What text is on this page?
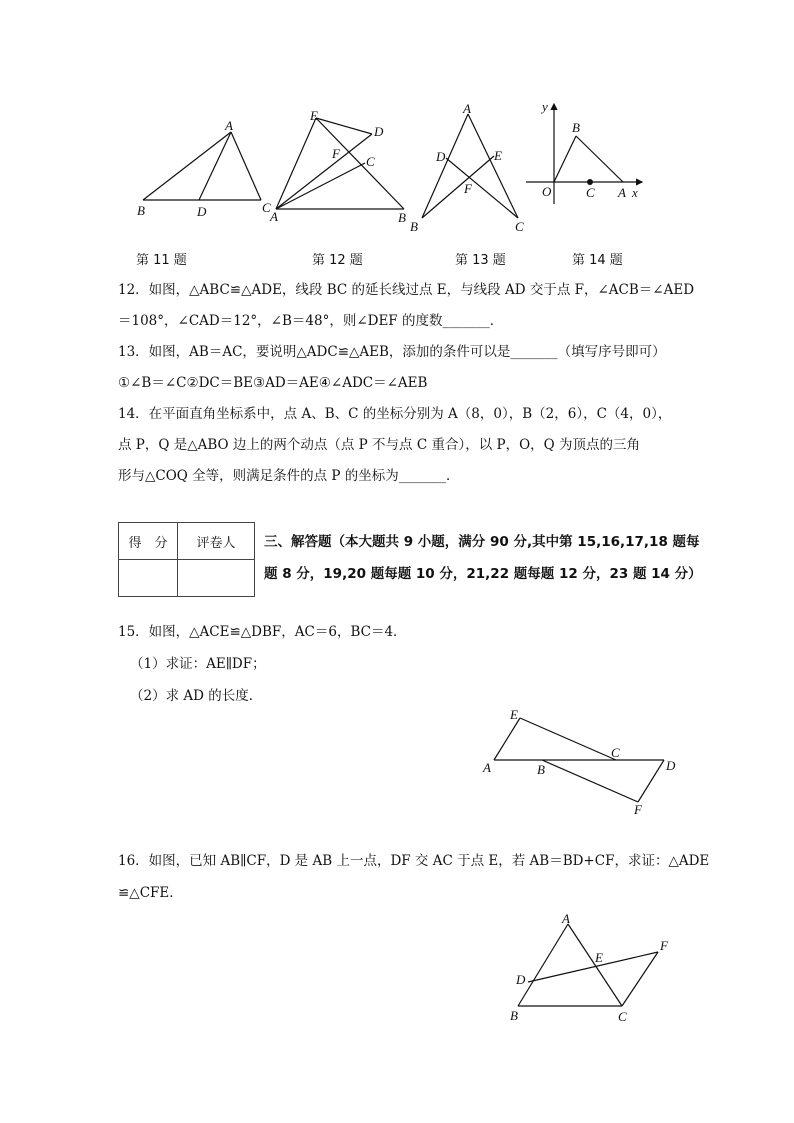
A
B	C
D
E
D
F
C
A	B
A
D	E
F
B	C
y
B
O	C A x
第 11 题	第 12 题	第 13 题	第 14 题
12．如图，△ABC≌△ADE，线段 BC 的延长线过点 E，与线段 AD 交于点 F，∠ACB＝∠AED
＝108°，∠CAD＝12°，∠B＝48°，则∠DEF 的度数_______．
13．如图，AB＝AC，要说明△ADC≌△AEB，添加的条件可以是_______（填写序号即可）
①∠B＝∠C②DC＝BE③AD＝AE④∠ADC＝∠AEB
14．在平面直角坐标系中，点 A、B、C 的坐标分别为 A（8，0），B（2，6），C（4，0），
点 P，Q 是△ABO 边上的两个动点（点 P 不与点 C 重合），以 P，O，Q 为顶点的三角
形与△COQ 全等，则满足条件的点 P 的坐标为_______．
得　分	评卷人
	三、解答题（本大题共 9 小题，满分 90 分,其中第 15,16,17,18 题每
题 8 分，19,20 题每题 10 分，21,22 题每题 12 分，23 题 14 分）
15．如图，△ACE≌△DBF，AC＝6，BC＝4．
（1）求证：AE∥DF；
（2）求 AD 的长度．
E
C
A	B	D
F
16．如图，已知 AB∥CF，D 是 AB 上一点，DF 交 AC 于点 E，若 AB＝BD+CF，求证：△ADE
≌△CFE．
A
F
E
D
B	C
